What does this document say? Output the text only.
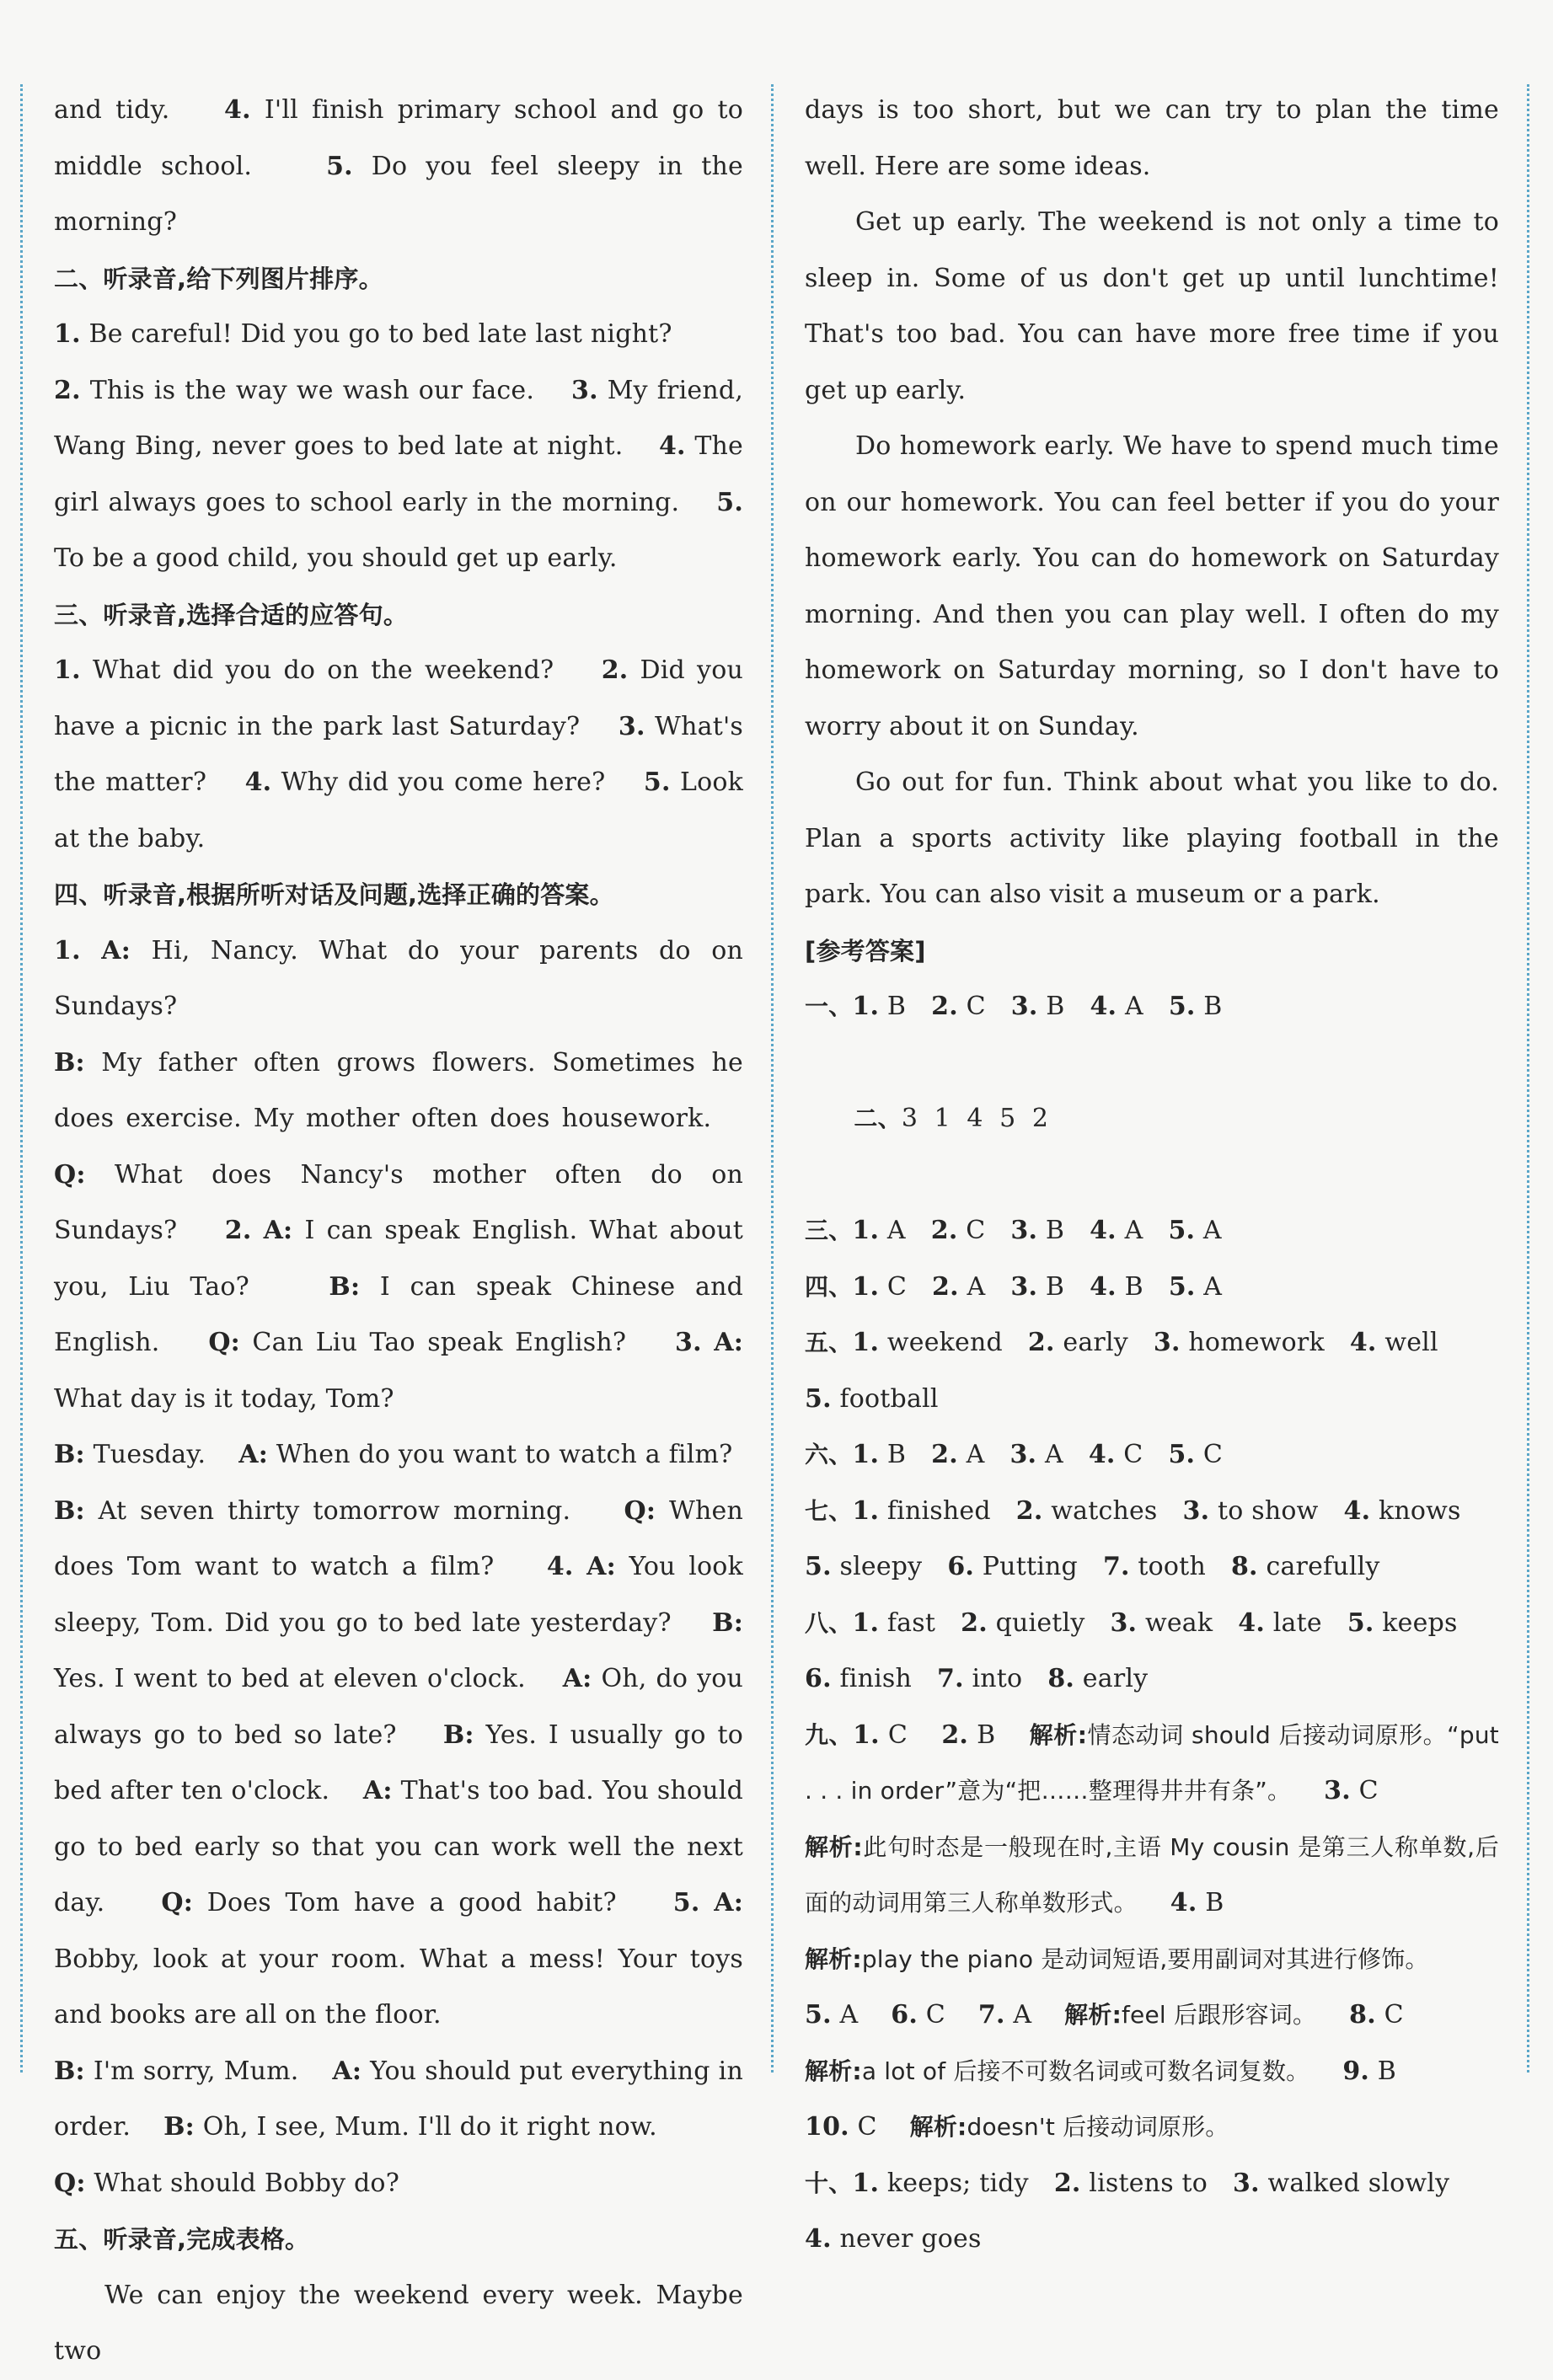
and tidy. 4. I'll finish primary school and go to middle school.	5. Do you feel sleepy in the morning?

二、听录音,给下列图片排序。

1. Be careful! Did you go to bed late last night?
2. This is the way we wash our face. 3. My friend, Wang Bing, never goes to bed late at night. 4. The girl always goes to school early in the morning. 5. To be a good child, you should get up early.

三、听录音,选择合适的应答句。

1. What did you do on the weekend? 2. Did you have a picnic in the park last Saturday? 3. What's the matter? 4. Why did you come here? 5. Look at the baby.

四、听录音,根据所听对话及问题,选择正确的答案。

1. A: Hi, Nancy. What do your parents do on Sundays?
B: My father often grows flowers. Sometimes he does exercise. My mother often does housework.    Q: What does Nancy's mother often do on Sundays? 2. A: I can speak English. What about you, Liu Tao?	B: I can speak Chinese and English. Q: Can Liu Tao speak English? 3. A: What day is it today, Tom?
B: Tuesday. A: When do you want to watch a film?
B: At seven thirty tomorrow morning. Q: When does Tom want to watch a film? 4. A: You look sleepy, Tom. Did you go to bed late yesterday? B: Yes. I went to bed at eleven o'clock. A: Oh, do you always go to bed so late? B: Yes. I usually go to bed after ten o'clock. A: That's too bad. You should go to bed early so that you can work well the next day. Q: Does Tom have a good habit? 5. A: Bobby, look at your room. What a mess! Your toys and books are all on the floor.
B: I'm sorry, Mum. A: You should put everything in order. B: Oh, I see, Mum. I'll do it right now.
Q: What should Bobby do?

五、听录音,完成表格。

We can enjoy the weekend every week. Maybe two

days is too short, but we can try to plan the time well. Here are some ideas.

Get up early. The weekend is not only a time to sleep in. Some of us don't get up until lunchtime! That's too bad. You can have more free time if you get up early.

Do homework early. We have to spend much time on our homework. You can feel better if you do your homework early. You can do homework on Saturday morning. And then you can play well. I often do my homework on Saturday morning, so I don't have to worry about it on Sunday.

Go out for fun. Think about what you like to do. Plan a sports activity like playing football in the park. You can also visit a museum or a park.

[参考答案]

一、1. B 2. C 3. B 4. A 5. B

二、3  1  4  5  2

三、1. A 2. C 3. B 4. A 5. A

四、1. C 2. A 3. B 4. B 5. A

五、1. weekend 2. early 3. homework 4. well
5. football

六、1. B 2. A 3. A 4. C 5. C

七、1. finished 2. watches 3. to show 4. knows
5. sleepy 6. Putting 7. tooth 8. carefully

八、1. fast 2. quietly 3. weak 4. late 5. keeps
6. finish 7. into 8. early

九、1. C 2. B 解析:情态动词 should 后接动词原形。“put . . . in order”意为“把……整理得井井有条”。 3. C
解析:此句时态是一般现在时,主语 My cousin 是第三人称单数,后面的动词用第三人称单数形式。 4. B
解析:play the piano 是动词短语,要用副词对其进行修饰。
5. A 6. C 7. A 解析:feel 后跟形容词。 8. C
解析:a lot of 后接不可数名词或可数名词复数。 9. B
10. C 解析:doesn't 后接动词原形。

十、1. keeps; tidy 2. listens to 3. walked slowly
4. never goes
